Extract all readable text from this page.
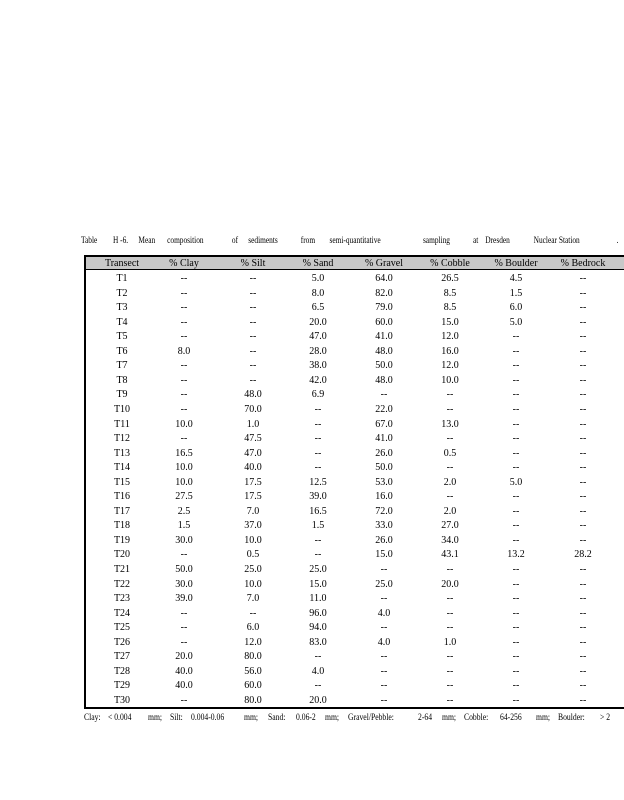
Table H -6. Mean composition	of sediments	from semi-quantitative	sampling	at Dresden	Nuclear Station	.
Transect	% Clay	% Silt	% Sand	% Gravel	% Cobble % Boulder % Bedrock
T1	--	--	5.0	64.0	26.5	4.5	--
T2	--	--	8.0	82.0	8.5	1.5	--
T3	--	--	6.5	79.0	8.5	6.0	--
T4	--	--	20.0	60.0	15.0	5.0	--
T5	--	--	47.0	41.0	12.0	--	--
T6	8.0	--	28.0	48.0	16.0	--	--
T7	--	--	38.0	50.0	12.0	--	--
T8	--	--	42.0	48.0	10.0	--	--
T9	--	48.0	6.9	--	--	--	--
T10	--	70.0	--	22.0	--	--	--
T11	10.0	1.0	--	67.0	13.0	--	--
T12	--	47.5	--	41.0	--	--	--
T13	16.5	47.0	--	26.0	0.5	--	--
T14	10.0	40.0	--	50.0	--	--	--
T15	10.0	17.5	12.5	53.0	2.0	5.0	--
T16	27.5	17.5	39.0	16.0	--	--	--
T17	2.5	7.0	16.5	72.0	2.0	--	--
T18	1.5	37.0	1.5	33.0	27.0	--	--
T19	30.0	10.0	--	26.0	34.0	--	--
T20	--	0.5	--	15.0	43.1	13.2	28.2
T21	50.0	25.0	25.0	--	--	--	--
T22	30.0	10.0	15.0	25.0	20.0	--	--
T23	39.0	7.0	11.0	--	--	--	--
T24	--	--	96.0	4.0	--	--	--
T25	--	6.0	94.0	--	--	--	--
T26	--	12.0	83.0	4.0	1.0	--	--
T27	20.0	80.0	--	--	--	--	--
T28	40.0	56.0	4.0	--	--	--	--
T29	40.0	60.0	--	--	--	--	--
T30	--	80.0	20.0	--	--	--	--
Clay: < 0.004 mm; Silt: 0.004-0.06 mm; Sand: 0.06-2 mm; Gravel/Pebble:	2-64 mm; Cobble: 64-256 mm; Boulder: > 2
